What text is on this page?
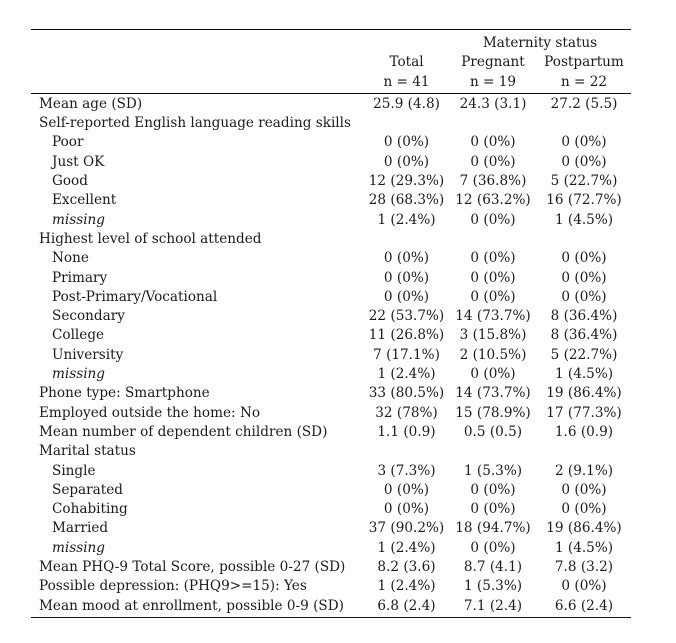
		Maternity status	
	Total	Pregnant	Postpartum
	n = 41	n = 19	n = 22
Mean age (SD)	25.9 (4.8)	24.3 (3.1)	27.2 (5.5)
Self-reported English language reading skills			
Poor	0 (0%)	0 (0%)	0 (0%)
Just OK	0 (0%)	0 (0%)	0 (0%)
Good	12 (29.3%)	7 (36.8%)	5 (22.7%)
Excellent	28 (68.3%)	12 (63.2%)	16 (72.7%)
missing	1 (2.4%)	0 (0%)	1 (4.5%)
Highest level of school attended			
None	0 (0%)	0 (0%)	0 (0%)
Primary	0 (0%)	0 (0%)	0 (0%)
Post-Primary/Vocational	0 (0%)	0 (0%)	0 (0%)
Secondary	22 (53.7%)	14 (73.7%)	8 (36.4%)
College	11 (26.8%)	3 (15.8%)	8 (36.4%)
University	7 (17.1%)	2 (10.5%)	5 (22.7%)
missing	1 (2.4%)	0 (0%)	1 (4.5%)
Phone type: Smartphone	33 (80.5%)	14 (73.7%)	19 (86.4%)
Employed outside the home: No	32 (78%)	15 (78.9%)	17 (77.3%)
Mean number of dependent children (SD)	1.1 (0.9)	0.5 (0.5)	1.6 (0.9)
Marital status			
Single	3 (7.3%)	1 (5.3%)	2 (9.1%)
Separated	0 (0%)	0 (0%)	0 (0%)
Cohabiting	0 (0%)	0 (0%)	0 (0%)
Married	37 (90.2%)	18 (94.7%)	19 (86.4%)
missing	1 (2.4%)	0 (0%)	1 (4.5%)
Mean PHQ-9 Total Score, possible 0-27 (SD)	8.2 (3.6)	8.7 (4.1)	7.8 (3.2)
Possible depression: (PHQ9>=15): Yes	1 (2.4%)	1 (5.3%)	0 (0%)
Mean mood at enrollment, possible 0-9 (SD)	6.8 (2.4)	7.1 (2.4)	6.6 (2.4)
